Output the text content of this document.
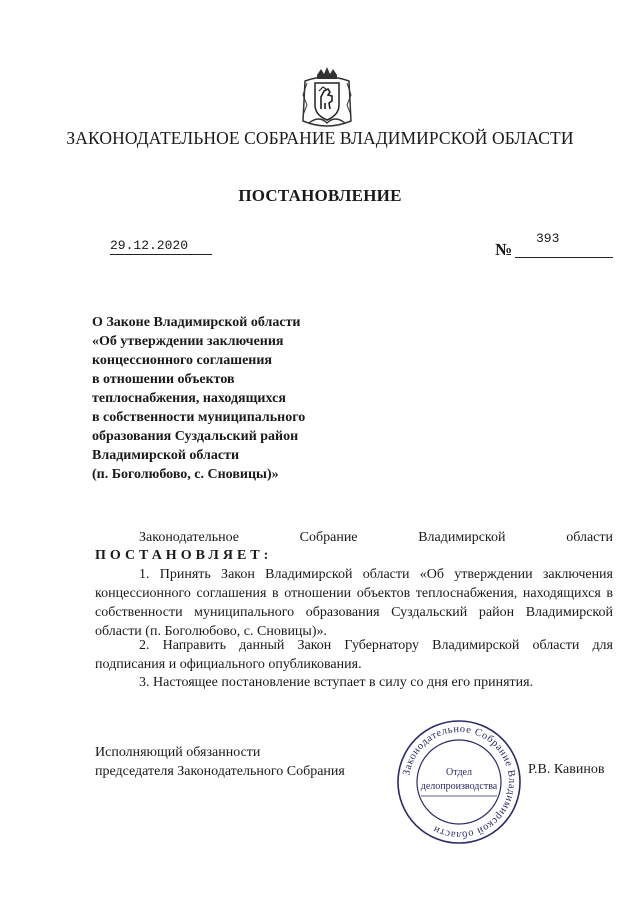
ЗАКОНОДАТЕЛЬНОЕ СОБРАНИЕ ВЛАДИМИРСКОЙ ОБЛАСТИ
ПОСТАНОВЛЕНИЕ
29.12.2020	№
393
О Законе Владимирской области
«Об утверждении заключения
концессионного соглашения
в отношении объектов
теплоснабжения, находящихся
в собственности муниципального
образования Суздальский район
Владимирской области
(п. Боголюбово, с. Сновицы)»
Законодательное Собрание Владимирской области
ПОСТАНОВЛЯЕТ:
1. Принять Закон Владимирской области «Об утверждении заключения концессионного соглашения в отношении объектов теплоснабжения, находящихся в собственности муниципального образования Суздальский район Владимирской области (п. Боголюбово, с. Сновицы)».
2. Направить данный Закон Губернатору Владимирской области для подписания и официального опубликования.
3. Настоящее постановление вступает в силу со дня его принятия.
Исполняющий обязанности
председателя Законодательного Собрания	Р.В. Кавинов
Законодательное Собрание Владимирской области
Отдел
делопроизводства
